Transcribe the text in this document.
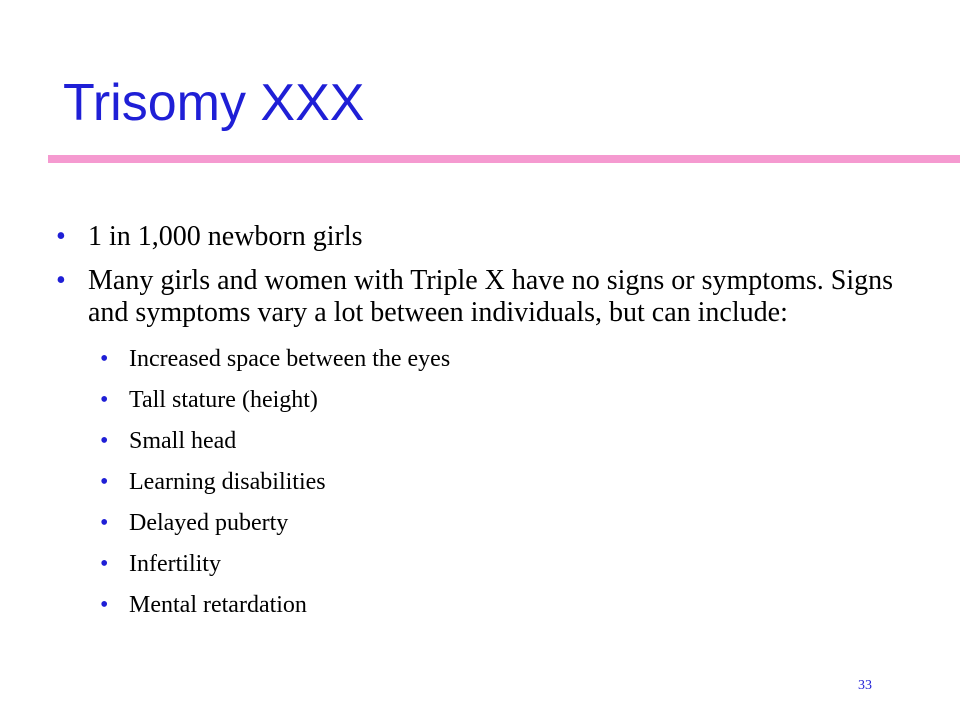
Trisomy XXX
• 1 in 1,000 newborn girls
• Many girls and women with Triple X have no signs or symptoms. Signs and symptoms vary a lot between individuals, but can include:
• Increased space between the eyes
• Tall stature (height)
• Small head
• Learning disabilities
• Delayed puberty
• Infertility
• Mental retardation
33
